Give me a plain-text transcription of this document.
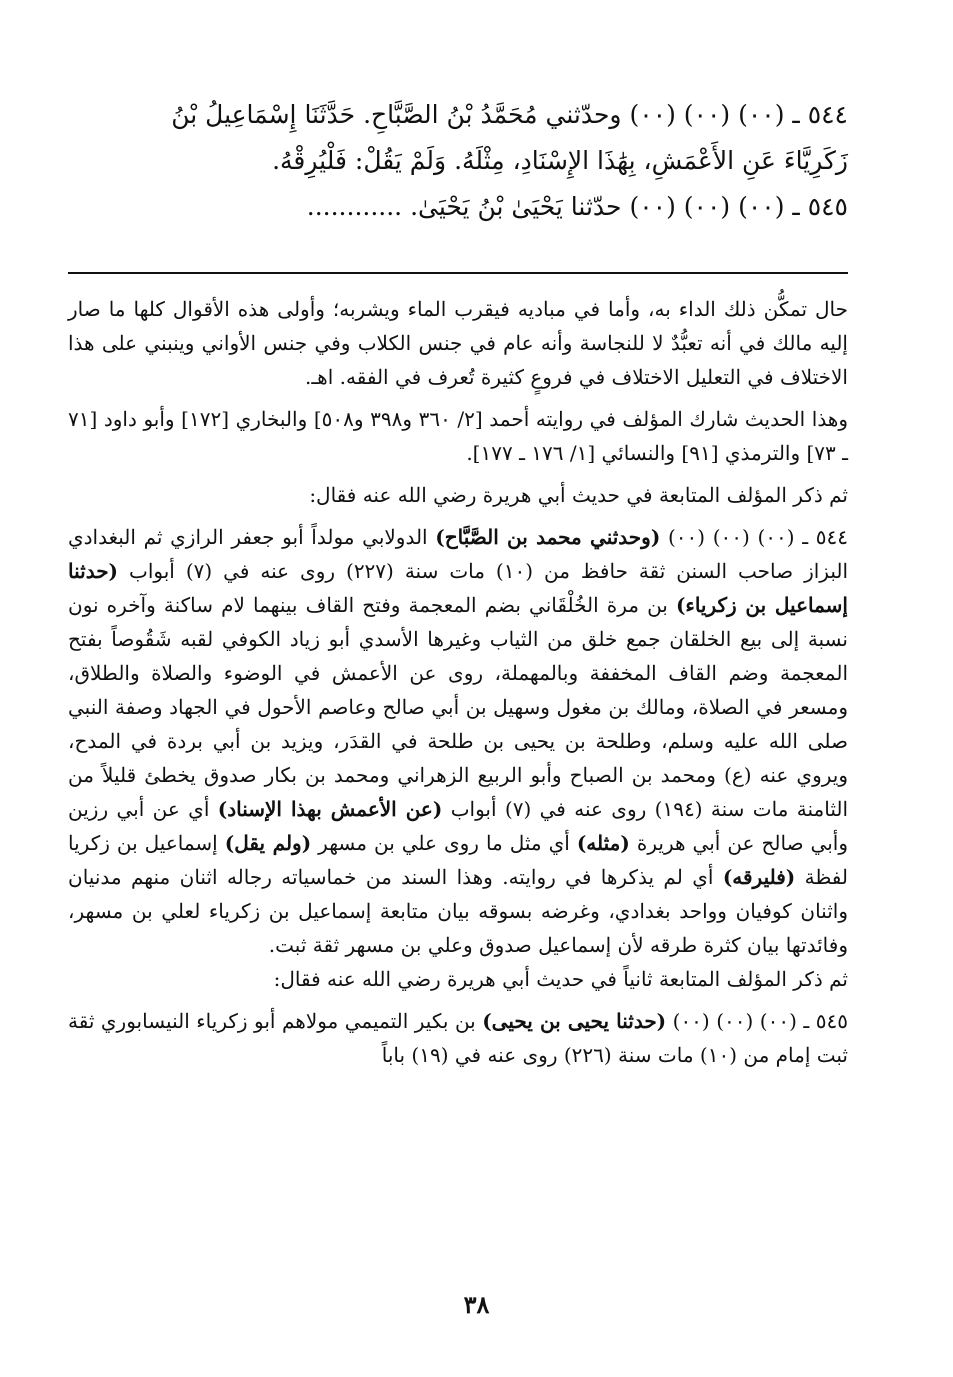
٥٤٤ ـ (٠٠) (٠٠) (٠٠) وحدّثني مُحَمَّدُ بْنُ الصَّبَّاحِ. حَدَّثَنَا إِسْمَاعِيلُ بْنُ

زَكَرِيَّاءَ عَنِ الأَعْمَشِ، بِهَٰذَا الإِسْنَادِ، مِثْلَهُ. وَلَمْ يَقُلْ: فَلْيُرِقْهُ.

٥٤٥ ـ (٠٠) (٠٠) (٠٠) حدّثنا يَحْيَىٰ بْنُ يَحْيَىٰ. ............

حال تمكُّن ذلك الداء به، وأما في مباديه فيقرب الماء ويشربه؛ وأولى هذه الأقوال كلها ما صار إليه مالك في أنه تعبُّدٌ لا للنجاسة وأنه عام في جنس الكلاب وفي جنس الأواني وينبني على هذا الاختلاف في التعليل الاختلاف في فروعٍ كثيرة تُعرف في الفقه. اهـ.

وهذا الحديث شارك المؤلف في روايته أحمد [٢/ ٣٦٠ و٣٩٨ و٥٠٨] والبخاري [١٧٢] وأبو داود [٧١ ـ ٧٣] والترمذي [٩١] والنسائي [١/ ١٧٦ ـ ١٧٧].

ثم ذكر المؤلف المتابعة في حديث أبي هريرة رضي الله عنه فقال:

٥٤٤ ـ (٠٠) (٠٠) (٠٠) (وحدثني محمد بن الصَّبَّاح) الدولابي مولداً أبو جعفر الرازي ثم البغدادي البزاز صاحب السنن ثقة حافظ من (١٠) مات سنة (٢٢٧) روى عنه في (٧) أبواب (حدثنا إسماعيل بن زكرياء) بن مرة الخُلْقَاني بضم المعجمة وفتح القاف بينهما لام ساكنة وآخره نون نسبة إلى بيع الخلقان جمع خلق من الثياب وغيرها الأسدي أبو زياد الكوفي لقبه شَقُوصاً بفتح المعجمة وضم القاف المخففة وبالمهملة، روى عن الأعمش في الوضوء والصلاة والطلاق، ومسعر في الصلاة، ومالك بن مغول وسهيل بن أبي صالح وعاصم الأحول في الجهاد وصفة النبي صلى الله عليه وسلم، وطلحة بن يحيى بن طلحة في القدَر، ويزيد بن أبي بردة في المدح، ويروي عنه (ع) ومحمد بن الصباح وأبو الربيع الزهراني ومحمد بن بكار صدوق يخطئ قليلاً من الثامنة مات سنة (١٩٤) روى عنه في (٧) أبواب (عن الأعمش بهذا الإسناد) أي عن أبي رزين وأبي صالح عن أبي هريرة (مثله) أي مثل ما روى علي بن مسهر (ولم يقل) إسماعيل بن زكريا لفظة (فليرقه) أي لم يذكرها في روايته. وهذا السند من خماسياته رجاله اثنان منهم مدنيان واثنان كوفيان وواحد بغدادي، وغرضه بسوقه بيان متابعة إسماعيل بن زكرياء لعلي بن مسهر، وفائدتها بيان كثرة طرقه لأن إسماعيل صدوق وعلي بن مسهر ثقة ثبت.

ثم ذكر المؤلف المتابعة ثانياً في حديث أبي هريرة رضي الله عنه فقال:

٥٤٥ ـ (٠٠) (٠٠) (٠٠) (حدثنا يحيى بن يحيى) بن بكير التميمي مولاهم أبو زكرياء النيسابوري ثقة ثبت إمام من (١٠) مات سنة (٢٢٦) روى عنه في (١٩) باباً

٣٨
